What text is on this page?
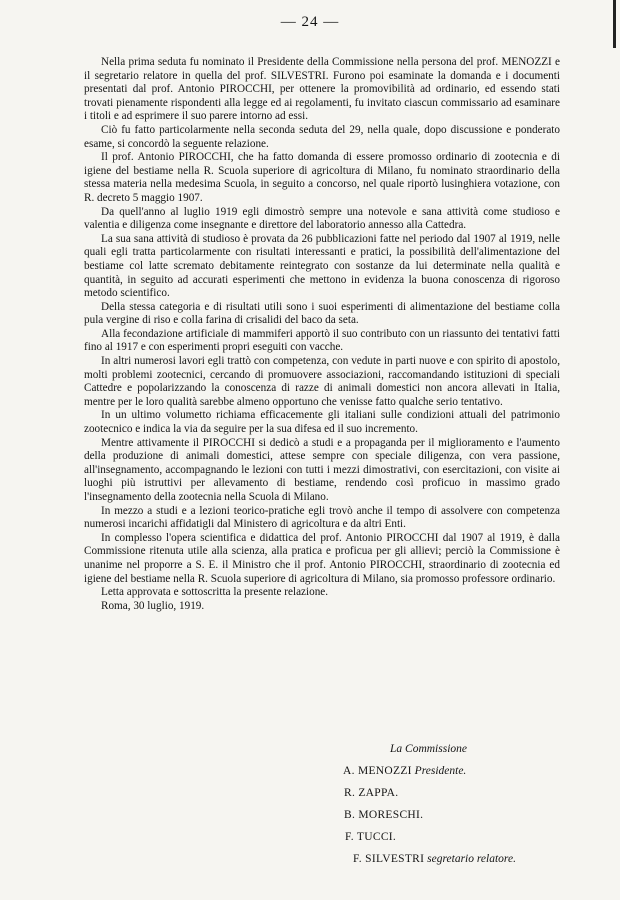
— 24 —

Nella prima seduta fu nominato il Presidente della Commissione nella persona del prof. MENOZZI e il segretario relatore in quella del prof. SILVESTRI. Furono poi esaminate la domanda e i documenti presentati dal prof. Antonio PIROCCHI, per ottenere la promovibilità ad ordinario, ed essendo stati trovati pienamente rispondenti alla legge ed ai regolamenti, fu invitato ciascun commissario ad esaminare i titoli e ad esprimere il suo parere intorno ad essi.

Ciò fu fatto particolarmente nella seconda seduta del 29, nella quale, dopo discussione e ponderato esame, si concordò la seguente relazione.

Il prof. Antonio PIROCCHI, che ha fatto domanda di essere promosso ordinario di zootecnia e di igiene del bestiame nella R. Scuola superiore di agricoltura di Milano, fu nominato straordinario della stessa materia nella medesima Scuola, in seguito a concorso, nel quale riportò lusinghiera votazione, con R. decreto 5 maggio 1907.

Da quell'anno al luglio 1919 egli dimostrò sempre una notevole e sana attività come studioso e valentia e diligenza come insegnante e direttore del laboratorio annesso alla Cattedra.

La sua sana attività di studioso è provata da 26 pubblicazioni fatte nel periodo dal 1907 al 1919, nelle quali egli tratta particolarmente con risultati interessanti e pratici, la possibilità dell'alimentazione del bestiame col latte scremato debitamente reintegrato con sostanze da lui determinate nella qualità e quantità, in seguito ad accurati esperimenti che mettono in evidenza la buona conoscenza di rigoroso metodo scientifico.

Della stessa categoria e di risultati utili sono i suoi esperimenti di alimentazione del bestiame colla pula vergine di riso e colla farina di crisalidi del baco da seta.

Alla fecondazione artificiale di mammiferi apportò il suo contributo con un riassunto dei tentativi fatti fino al 1917 e con esperimenti propri eseguiti con vacche.

In altri numerosi lavori egli trattò con competenza, con vedute in parti nuove e con spirito di apostolo, molti problemi zootecnici, cercando di promuovere associazioni, raccomandando istituzioni di speciali Cattedre e popolarizzando la conoscenza di razze di animali domestici non ancora allevati in Italia, mentre per le loro qualità sarebbe almeno opportuno che venisse fatto qualche serio tentativo.

In un ultimo volumetto richiama efficacemente gli italiani sulle condizioni attuali del patrimonio zootecnico e indica la via da seguire per la sua difesa ed il suo incremento.

Mentre attivamente il PIROCCHI si dedicò a studi e a propaganda per il miglioramento e l'aumento della produzione di animali domestici, attese sempre con speciale diligenza, con vera passione, all'insegnamento, accompagnando le lezioni con tutti i mezzi dimostrativi, con esercitazioni, con visite ai luoghi più istruttivi per allevamento di bestiame, rendendo così proficuo in massimo grado l'insegnamento della zootecnia nella Scuola di Milano.

In mezzo a studi e a lezioni teorico-pratiche egli trovò anche il tempo di assolvere con competenza numerosi incarichi affidatigli dal Ministero di agricoltura e da altri Enti.

In complesso l'opera scientifica e didattica del prof. Antonio PIROCCHI dal 1907 al 1919, è dalla Commissione ritenuta utile alla scienza, alla pratica e proficua per gli allievi; perciò la Commissione è unanime nel proporre a S. E. il Ministro che il prof. Antonio PIROCCHI, straordinario di zootecnia ed igiene del bestiame nella R. Scuola superiore di agricoltura di Milano, sia promosso professore ordinario.

Letta approvata e sottoscritta la presente relazione.

Roma, 30 luglio, 1919.

La Commissione
A. MENOZZI Presidente.
R. ZAPPA.
B. MORESCHI.
F. TUCCI.
F. SILVESTRI segretario relatore.
